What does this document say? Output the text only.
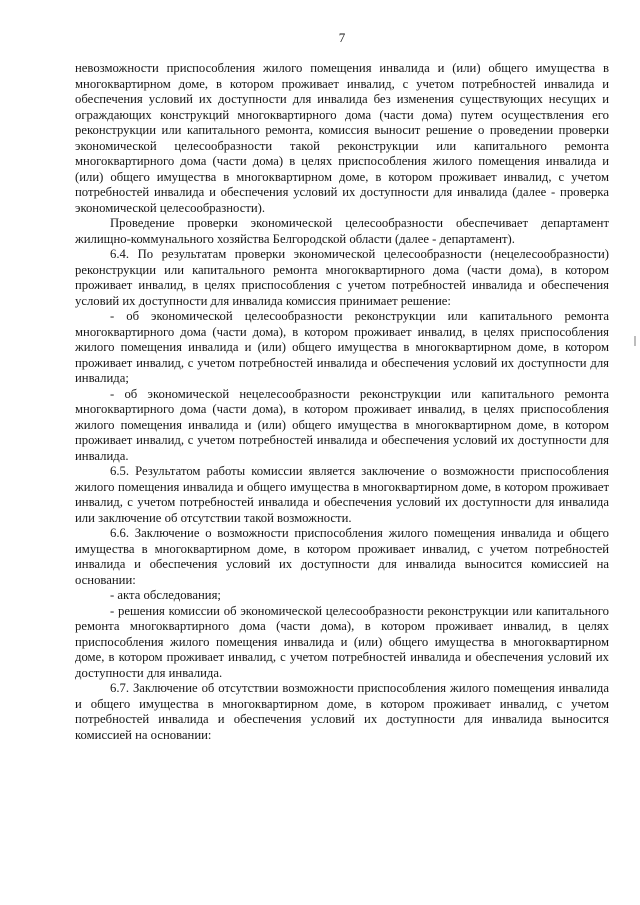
7

невозможности приспособления жилого помещения инвалида и (или) общего имущества в многоквартирном доме, в котором проживает инвалид, с учетом потребностей инвалида и обеспечения условий их доступности для инвалида без изменения существующих несущих и ограждающих конструкций многоквартирного дома (части дома) путем осуществления его реконструкции или капитального ремонта, комиссия выносит решение о проведении проверки экономической целесообразности такой реконструкции или капитального ремонта многоквартирного дома (части дома) в целях приспособления жилого помещения инвалида и (или) общего имущества в многоквартирном доме, в котором проживает инвалид, с учетом потребностей инвалида и обеспечения условий их доступности для инвалида (далее - проверка экономической целесообразности).

Проведение проверки экономической целесообразности обеспечивает департамент жилищно-коммунального хозяйства Белгородской области (далее - департамент).

6.4. По результатам проверки экономической целесообразности (нецелесообразности) реконструкции или капитального ремонта многоквартирного дома (части дома), в котором проживает инвалид, в целях приспособления с учетом потребностей инвалида и обеспечения условий их доступности для инвалида комиссия принимает решение:

- об экономической целесообразности реконструкции или капитального ремонта многоквартирного дома (части дома), в котором проживает инвалид, в целях приспособления жилого помещения инвалида и (или) общего имущества в многоквартирном доме, в котором проживает инвалид, с учетом потребностей инвалида и обеспечения условий их доступности для инвалида;

- об экономической нецелесообразности реконструкции или капитального ремонта многоквартирного дома (части дома), в котором проживает инвалид, в целях приспособления жилого помещения инвалида и (или) общего имущества в многоквартирном доме, в котором проживает инвалид, с учетом потребностей инвалида и обеспечения условий их доступности для инвалида.

6.5. Результатом работы комиссии является заключение о возможности приспособления жилого помещения инвалида и общего имущества в многоквартирном доме, в котором проживает инвалид, с учетом потребностей инвалида и обеспечения условий их доступности для инвалида или заключение об отсутствии такой возможности.

6.6. Заключение о возможности приспособления жилого помещения инвалида и общего имущества в многоквартирном доме, в котором проживает инвалид, с учетом потребностей инвалида и обеспечения условий их доступности для инвалида выносится комиссией на основании:

- акта обследования;

- решения комиссии об экономической целесообразности реконструкции или капитального ремонта многоквартирного дома (части дома), в котором проживает инвалид, в целях приспособления жилого помещения инвалида и (или) общего имущества в многоквартирном доме, в котором проживает инвалид, с учетом потребностей инвалида и обеспечения условий их доступности для инвалида.

6.7. Заключение об отсутствии возможности приспособления жилого помещения инвалида и общего имущества в многоквартирном доме, в котором проживает инвалид, с учетом потребностей инвалида и обеспечения условий их доступности для инвалида выносится комиссией на основании:
